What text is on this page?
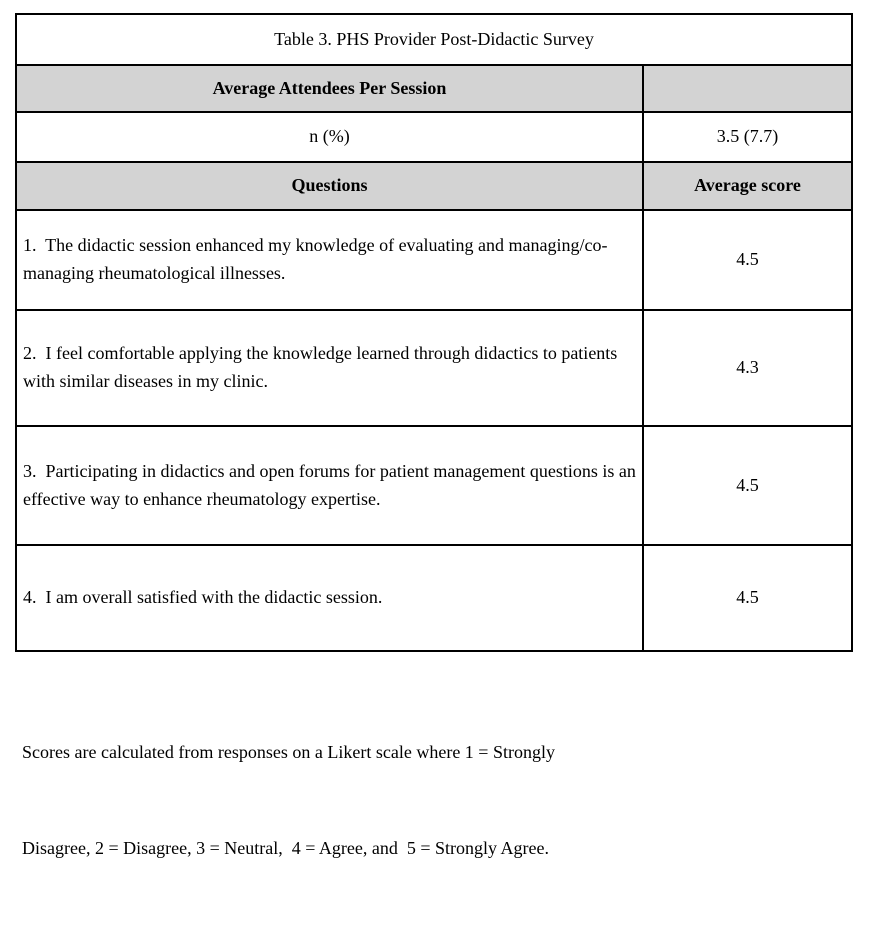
Table 3. PHS Provider Post-Didactic Survey	
Average Attendees Per Session	
n (%)	3.5 (7.7)
Questions	Average score
1.  The didactic session enhanced my knowledge of evaluating and managing/co-managing rheumatological illnesses.	4.5
2.  I feel comfortable applying the knowledge learned through didactics to patients with similar diseases in my clinic.	4.3
3.  Participating in didactics and open forums for patient management questions is an effective way to enhance rheumatology expertise.	4.5
4.  I am overall satisfied with the didactic session.	4.5

Scores are calculated from responses on a Likert scale where 1 = Strongly

Disagree, 2 = Disagree, 3 = Neutral,  4 = Agree, and  5 = Strongly Agree.
